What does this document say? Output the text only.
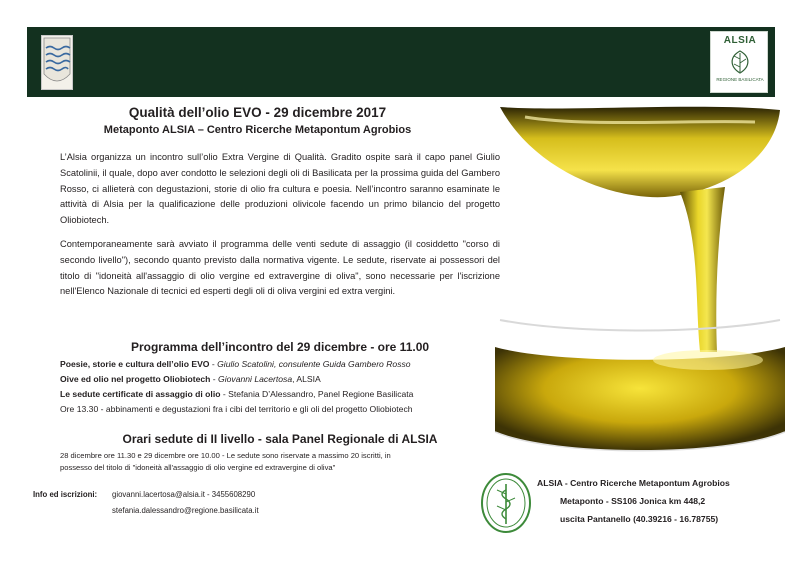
ALSIA
REGIONE BASILICATA
Qualità dell’olio EVO - 29 dicembre 2017
Metaponto ALSIA – Centro Ricerche Metapontum Agrobios
L’Alsia organizza un incontro sull’olio Extra Vergine di Qualità. Gradito ospite sarà il capo panel Giulio Scatolinii, il quale, dopo aver condotto le selezioni degli oli di Basilicata per la prossima guida del Gambero Rosso, ci allieterà con degustazioni, storie di olio fra cultura e poesia. Nell’incontro saranno esaminate le attività di Alsia per la qualificazione delle produzioni olivicole facendo un primo bilancio del progetto Oliobiotech.
Contemporaneamente sarà avviato il programma delle venti sedute di assaggio (il cosiddetto "corso di secondo livello"), secondo quanto previsto dalla normativa vigente. Le sedute, riservate ai possessori del titolo di "idoneità all'assaggio di olio vergine ed extravergine di oliva", sono necessarie per l'iscrizione nell'Elenco Nazionale di tecnici ed esperti degli oli di oliva vergini ed extra vergini.
Programma dell’incontro del 29 dicembre - ore 11.00
Poesie, storie e cultura dell’olio EVO - Giulio Scatolini, consulente Guida Gambero Rosso
Oive ed olio nel progetto Oliobiotech - Giovanni Lacertosa, ALSIA
Le sedute certificate di assaggio di olio - Stefania D’Alessandro, Panel Regione Basilicata
Ore 13.30 - abbinamenti e degustazioni fra i cibi del territorio e gli oli del progetto Oliobiotech
Orari sedute di II livello - sala Panel Regionale di ALSIA
28 dicembre ore 11.30 e 29 dicembre ore 10.00 - Le sedute sono riservate a massimo 20 iscritti, in
possesso del titolo di "idoneità all'assaggio di olio vergine ed extravergine di oliva"
Info ed iscrizioni: giovanni.lacertosa@alsia.it - 3455608290
stefania.dalessandro@regione.basilicata.it
ALSIA - Centro Ricerche Metapontum Agrobios
Metaponto - SS106 Jonica km 448,2
uscita Pantanello (40.39216 - 16.78755)
